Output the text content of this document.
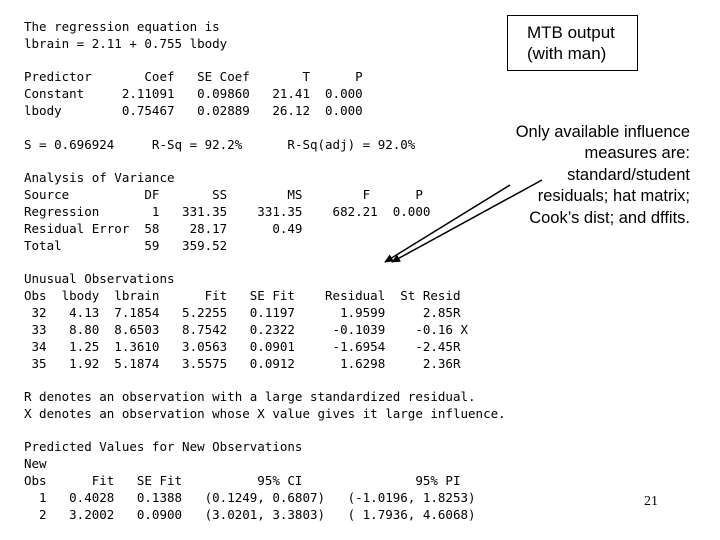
The regression equation is
lbrain = 2.11 + 0.755 lbody
Predictor       Coef   SE Coef       T      P
Constant     2.11091   0.09860   21.41  0.000
lbody        0.75467   0.02889   26.12  0.000
S = 0.696924     R-Sq = 92.2%      R-Sq(adj) = 92.0%
Analysis of Variance
Source          DF       SS        MS        F      P
Regression       1   331.35    331.35    682.21  0.000
Residual Error  58    28.17      0.49
Total           59   359.52
Unusual Observations
Obs  lbody  lbrain      Fit   SE Fit    Residual  St Resid
32   4.13  7.1854   5.2255   0.1197      1.9599     2.85R
33   8.80  8.6503   8.7542   0.2322     -0.1039    -0.16 X
34   1.25  1.3610   3.0563   0.0901     -1.6954    -2.45R
35   1.92  5.1874   3.5575   0.0912      1.6298     2.36R
R denotes an observation with a large standardized residual.
X denotes an observation whose X value gives it large influence.
Predicted Values for New Observations
New
Obs      Fit   SE Fit          95% CI               95% PI
1   0.4028   0.1388   (0.1249, 0.6807)   (-1.0196, 1.8253)
2   3.2002   0.0900   (3.0201, 3.3803)   ( 1.7936, 4.6068)
MTB output
(with man)
Only available influence measures are: standard/student residuals; hat matrix; Cook’s dist; and dffits.
21
